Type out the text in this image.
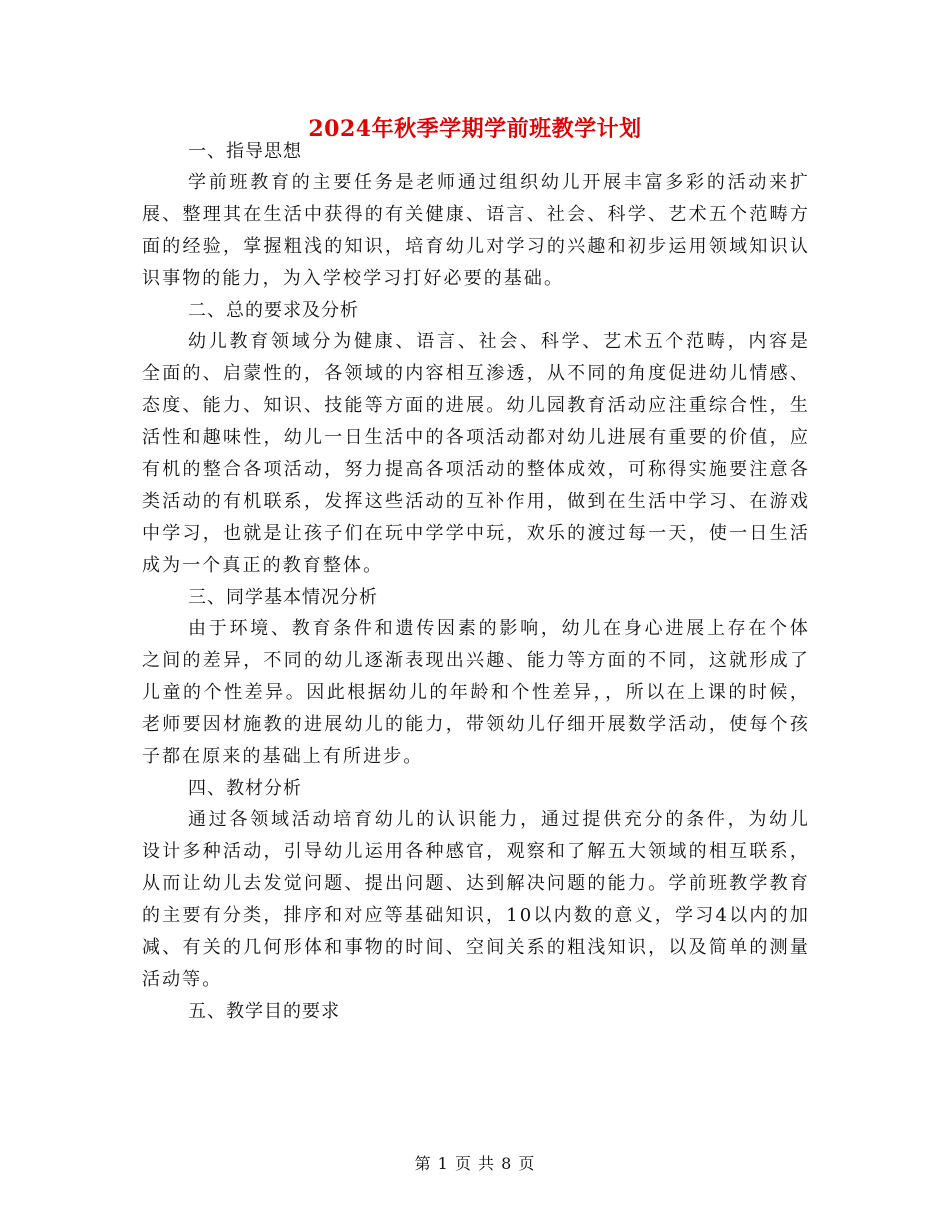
2024年秋季学期学前班教学计划

一、指导思想

学前班教育的主要任务是老师通过组织幼儿开展丰富多彩的活动来扩展、整理其在生活中获得的有关健康、语言、社会、科学、艺术五个范畴方面的经验，掌握粗浅的知识，培育幼儿对学习的兴趣和初步运用领域知识认识事物的能力，为入学校学习打好必要的基础。

二、总的要求及分析

幼儿教育领域分为健康、语言、社会、科学、艺术五个范畴，内容是全面的、启蒙性的，各领域的内容相互渗透，从不同的角度促进幼儿情感、态度、能力、知识、技能等方面的进展。幼儿园教育活动应注重综合性，生活性和趣味性，幼儿一日生活中的各项活动都对幼儿进展有重要的价值，应有机的整合各项活动，努力提高各项活动的整体成效，可称得实施要注意各类活动的有机联系，发挥这些活动的互补作用，做到在生活中学习、在游戏中学习，也就是让孩子们在玩中学学中玩，欢乐的渡过每一天，使一日生活成为一个真正的教育整体。

三、同学基本情况分析

由于环境、教育条件和遗传因素的影响，幼儿在身心进展上存在个体之间的差异，不同的幼儿逐渐表现出兴趣、能力等方面的不同，这就形成了儿童的个性差异。因此根据幼儿的年龄和个性差异，，所以在上课的时候，老师要因材施教的进展幼儿的能力，带领幼儿仔细开展数学活动，使每个孩子都在原来的基础上有所进步。

四、教材分析

通过各领域活动培育幼儿的认识能力，通过提供充分的条件，为幼儿设计多种活动，引导幼儿运用各种感官，观察和了解五大领域的相互联系，从而让幼儿去发觉问题、提出问题、达到解决问题的能力。学前班教学教育的主要有分类，排序和对应等基础知识，10以内数的意义，学习4以内的加减、有关的几何形体和事物的时间、空间关系的粗浅知识，以及简单的测量活动等。

五、教学目的要求

第 1 页 共 8 页
